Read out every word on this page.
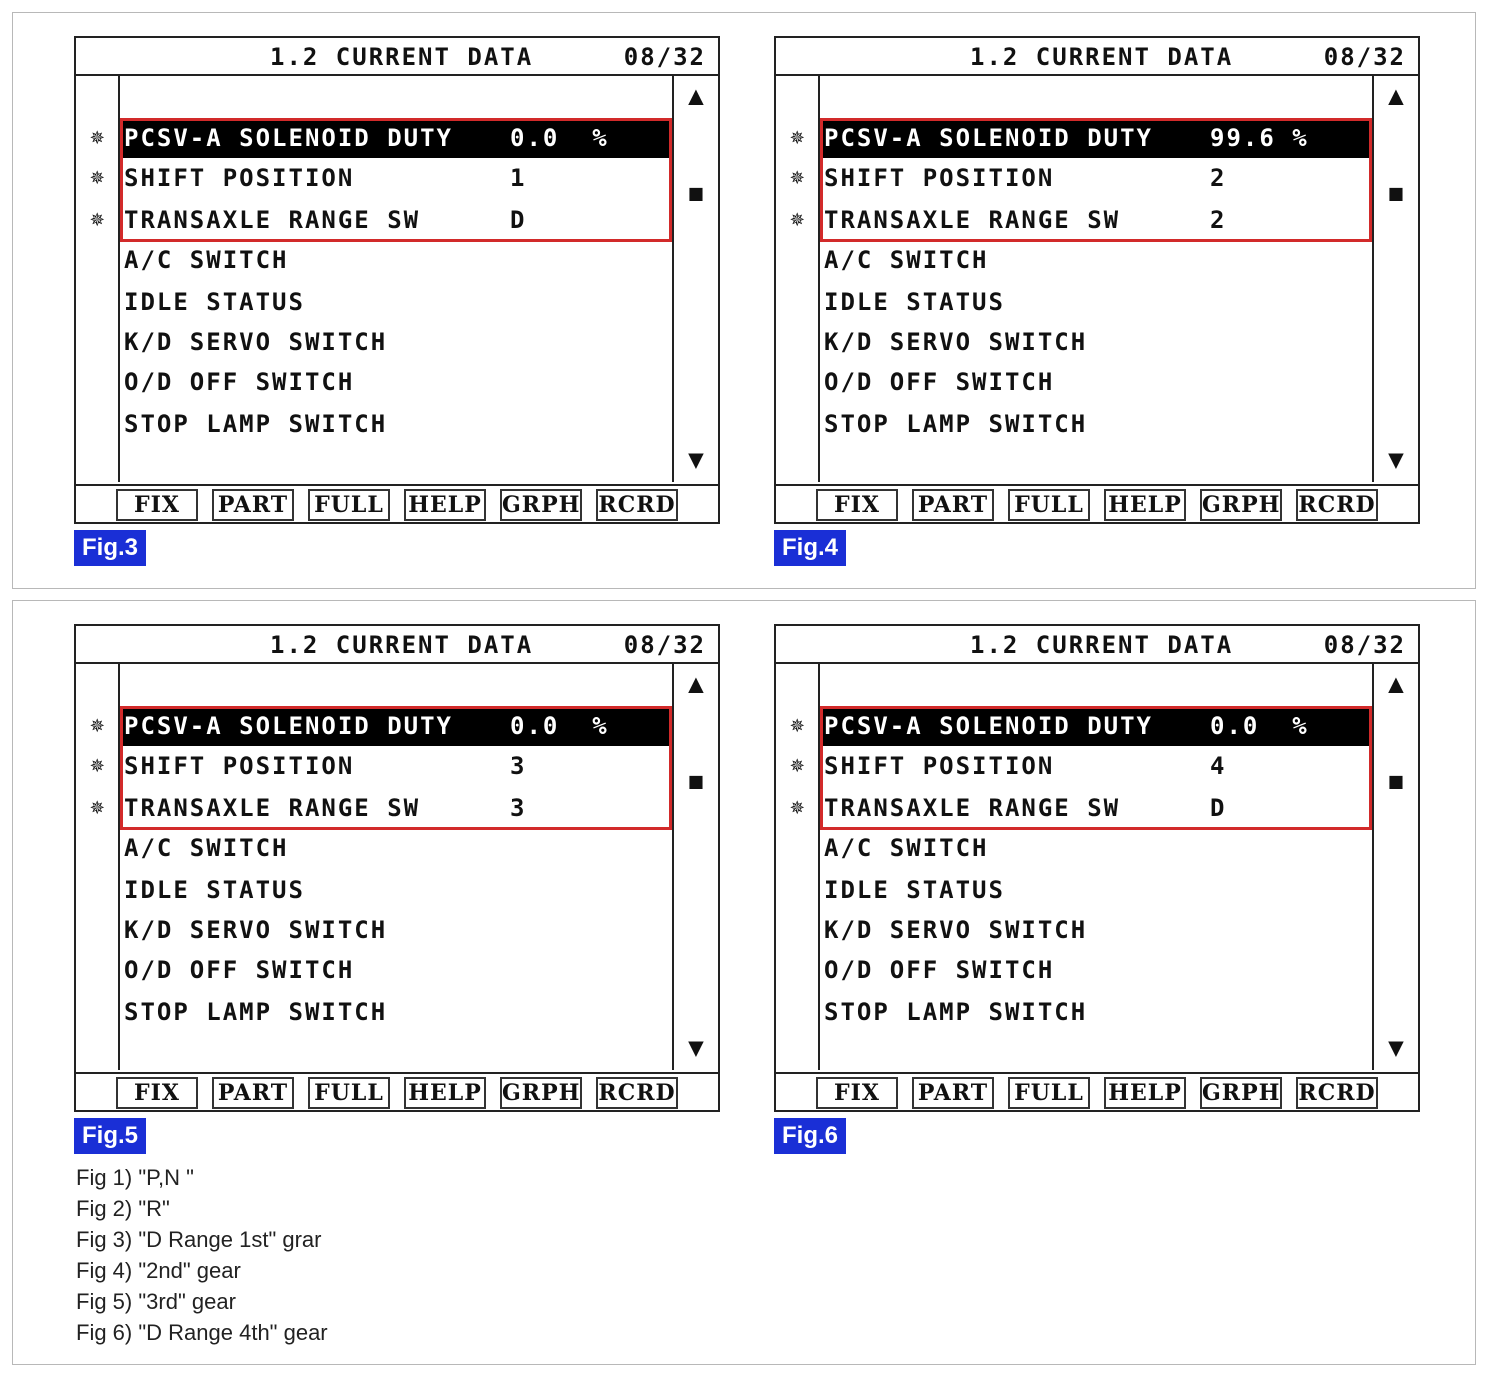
1.2 CURRENT DATA	08/32
✵
✵
✵
PCSV-A SOLENOID DUTY 0.0  %
SHIFT POSITION	1
TRANSAXLE RANGE SW	D
A/C SWITCH
IDLE STATUS
K/D SERVO SWITCH
O/D OFF SWITCH
STOP LAMP SWITCH
▲
■
▼
FIX	PART FULL HELP GRPH RCRD
Fig.3
1.2 CURRENT DATA	08/32
✵
✵
✵
PCSV-A SOLENOID DUTY 99.6 %
SHIFT POSITION	2
TRANSAXLE RANGE SW	2
A/C SWITCH
IDLE STATUS
K/D SERVO SWITCH
O/D OFF SWITCH
STOP LAMP SWITCH
▲
■
▼
FIX	PART FULL HELP GRPH RCRD
Fig.4
1.2 CURRENT DATA	08/32
✵
✵
✵
PCSV-A SOLENOID DUTY 0.0  %
SHIFT POSITION	3
TRANSAXLE RANGE SW	3
A/C SWITCH
IDLE STATUS
K/D SERVO SWITCH
O/D OFF SWITCH
STOP LAMP SWITCH
▲
■
▼
FIX	PART FULL HELP GRPH RCRD
Fig.5
1.2 CURRENT DATA	08/32
✵
✵
✵
PCSV-A SOLENOID DUTY 0.0  %
SHIFT POSITION	4
TRANSAXLE RANGE SW	D
A/C SWITCH
IDLE STATUS
K/D SERVO SWITCH
O/D OFF SWITCH
STOP LAMP SWITCH
▲
■
▼
FIX	PART FULL HELP GRPH RCRD
Fig.6
Fig 1) "P,N "
Fig 2) "R"
Fig 3) "D Range 1st" grar
Fig 4) "2nd" gear
Fig 5) "3rd" gear
Fig 6) "D Range 4th" gear
